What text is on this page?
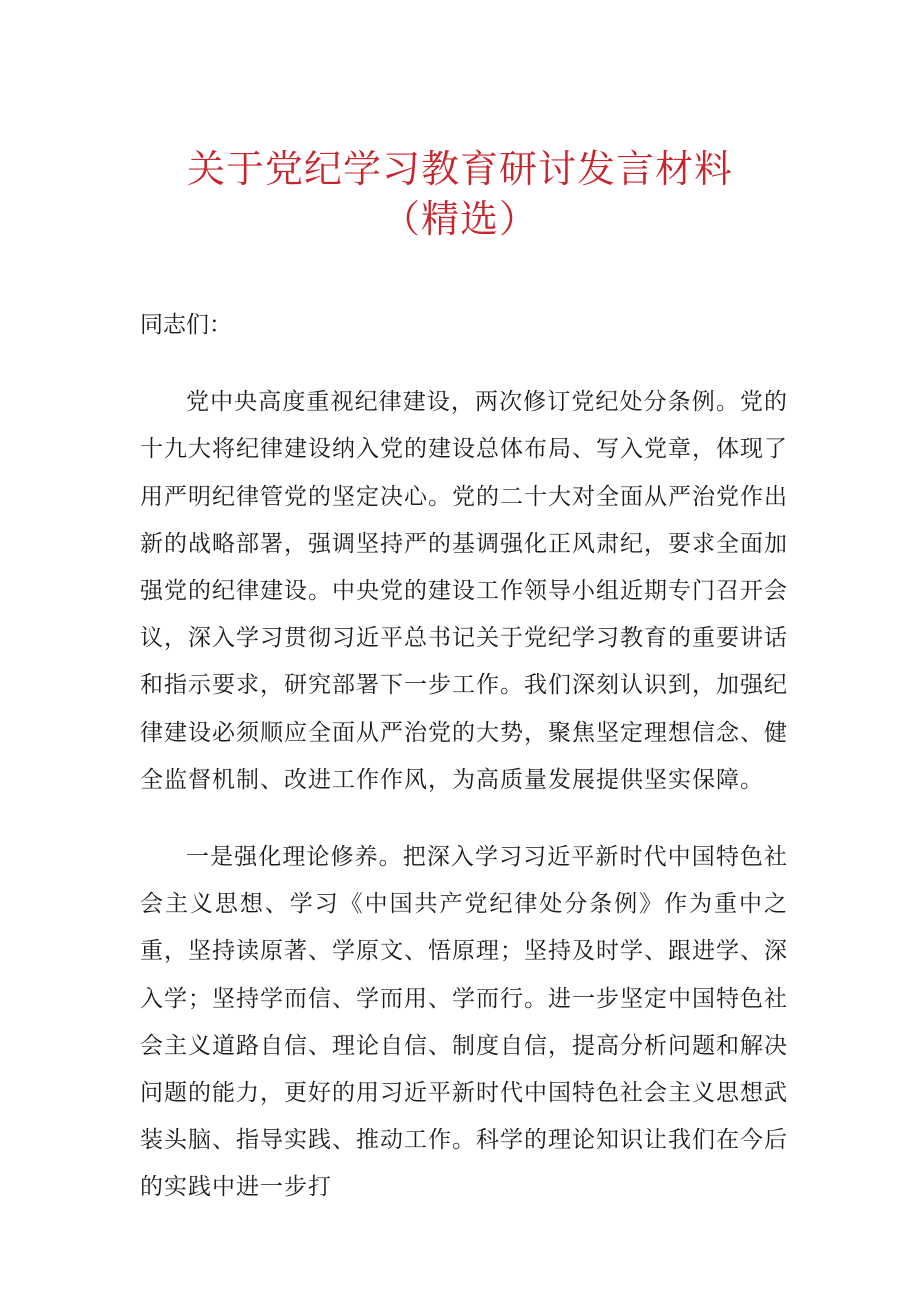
关于党纪学习教育研讨发言材料
（精选）

同志们：

党中央高度重视纪律建设，两次修订党纪处分条例。党的十九大将纪律建设纳入党的建设总体布局、写入党章，体现了用严明纪律管党的坚定决心。党的二十大对全面从严治党作出新的战略部署，强调坚持严的基调强化正风肃纪，要求全面加强党的纪律建设。中央党的建设工作领导小组近期专门召开会议，深入学习贯彻习近平总书记关于党纪学习教育的重要讲话和指示要求，研究部署下一步工作。我们深刻认识到，加强纪律建设必须顺应全面从严治党的大势，聚焦坚定理想信念、健全监督机制、改进工作作风，为高质量发展提供坚实保障。

一是强化理论修养。把深入学习习近平新时代中国特色社会主义思想、学习《中国共产党纪律处分条例》作为重中之重，坚持读原著、学原文、悟原理；坚持及时学、跟进学、深入学；坚持学而信、学而用、学而行。进一步坚定中国特色社会主义道路自信、理论自信、制度自信，提高分析问题和解决问题的能力，更好的用习近平新时代中国特色社会主义思想武装头脑、指导实践、推动工作。科学的理论知识让我们在今后的实践中进一步打
